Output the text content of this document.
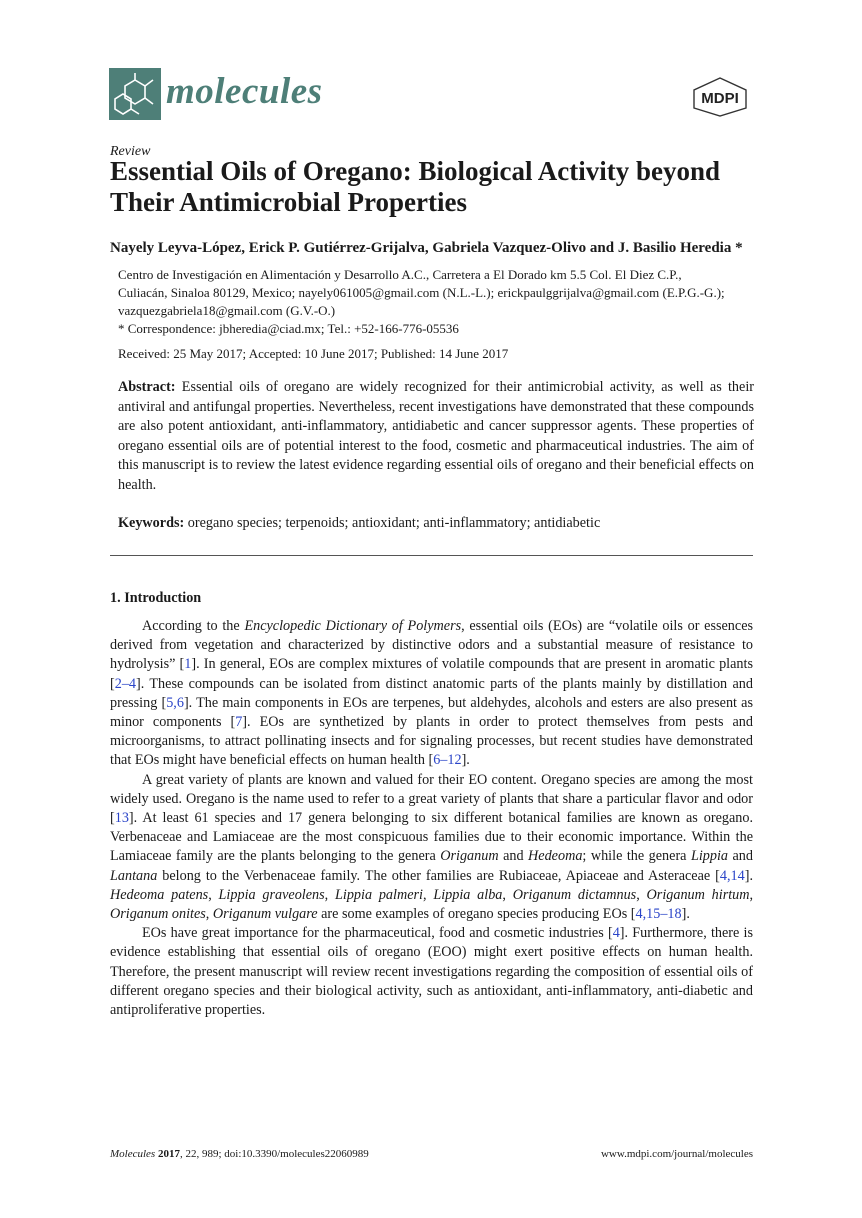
molecules	MDPI
Review
Essential Oils of Oregano: Biological Activity beyond Their Antimicrobial Properties
Nayely Leyva-López, Erick P. Gutiérrez-Grijalva, Gabriela Vazquez-Olivo and J. Basilio Heredia *

Centro de Investigación en Alimentación y Desarrollo A.C., Carretera a El Dorado km 5.5 Col. El Diez C.P.,

Culiacán, Sinaloa 80129, Mexico; nayely061005@gmail.com (N.L.-L.); erickpaulggrijalva@gmail.com (E.P.G.-G.);

vazquezgabriela18@gmail.com (G.V.-O.)

* Correspondence: jbheredia@ciad.mx; Tel.: +52-166-776-05536
Received: 25 May 2017; Accepted: 10 June 2017; Published: 14 June 2017
Abstract: Essential oils of oregano are widely recognized for their antimicrobial activity, as well as their antiviral and antifungal properties. Nevertheless, recent investigations have demonstrated that these compounds are also potent antioxidant, anti-inflammatory, antidiabetic and cancer suppressor agents. These properties of oregano essential oils are of potential interest to the food, cosmetic and pharmaceutical industries. The aim of this manuscript is to review the latest evidence regarding essential oils of oregano and their beneficial effects on health.
Keywords: oregano species; terpenoids; antioxidant; anti-inflammatory; antidiabetic
1. Introduction

According to the Encyclopedic Dictionary of Polymers, essential oils (EOs) are “volatile oils or essences derived from vegetation and characterized by distinctive odors and a substantial measure of resistance to hydrolysis” [1]. In general, EOs are complex mixtures of volatile compounds that are present in aromatic plants [2–4]. These compounds can be isolated from distinct anatomic parts of the plants mainly by distillation and pressing [5,6]. The main components in EOs are terpenes, but aldehydes, alcohols and esters are also present as minor components [7]. EOs are synthetized by plants in order to protect themselves from pests and microorganisms, to attract pollinating insects and for signaling processes, but recent studies have demonstrated that EOs might have beneficial effects on human health [6–12].

A great variety of plants are known and valued for their EO content. Oregano species are among the most widely used. Oregano is the name used to refer to a great variety of plants that share a particular flavor and odor [13]. At least 61 species and 17 genera belonging to six different botanical families are known as oregano. Verbenaceae and Lamiaceae are the most conspicuous families due to their economic importance. Within the Lamiaceae family are the plants belonging to the genera Origanum and Hedeoma; while the genera Lippia and Lantana belong to the Verbenaceae family. The other families are Rubiaceae, Apiaceae and Asteraceae [4,14]. Hedeoma patens, Lippia graveolens, Lippia palmeri, Lippia alba, Origanum dictamnus, Origanum hirtum, Origanum onites, Origanum vulgare are some examples of oregano species producing EOs [4,15–18].

EOs have great importance for the pharmaceutical, food and cosmetic industries [4]. Furthermore, there is evidence establishing that essential oils of oregano (EOO) might exert positive effects on human health. Therefore, the present manuscript will review recent investigations regarding the composition of essential oils of different oregano species and their biological activity, such as antioxidant, anti-inflammatory, anti-diabetic and antiproliferative properties.

Molecules 2017, 22, 989; doi:10.3390/molecules22060989	www.mdpi.com/journal/molecules
